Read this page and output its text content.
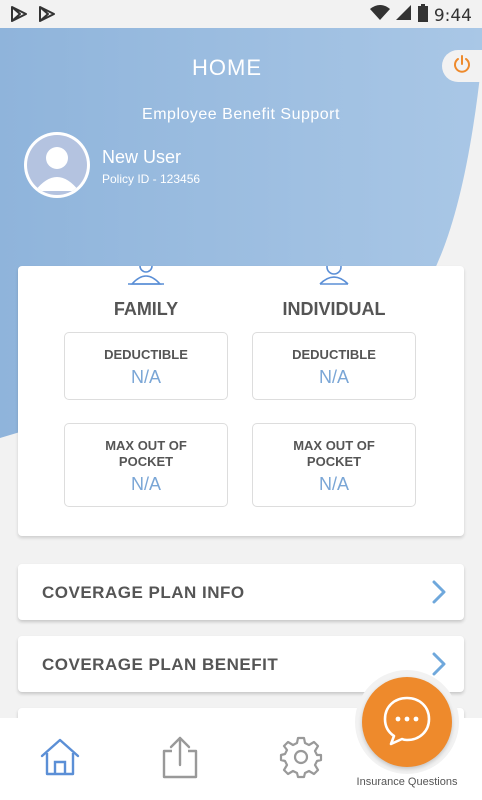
9:44
HOME
Employee Benefit Support
New User
Policy ID - 123456
FAMILY
DEDUCTIBLE
N/A
MAX OUT OF
POCKET
N/A
INDIVIDUAL
DEDUCTIBLE
N/A
MAX OUT OF
POCKET
N/A
COVERAGE PLAN INFO
COVERAGE PLAN BENEFIT
Insurance Questions
